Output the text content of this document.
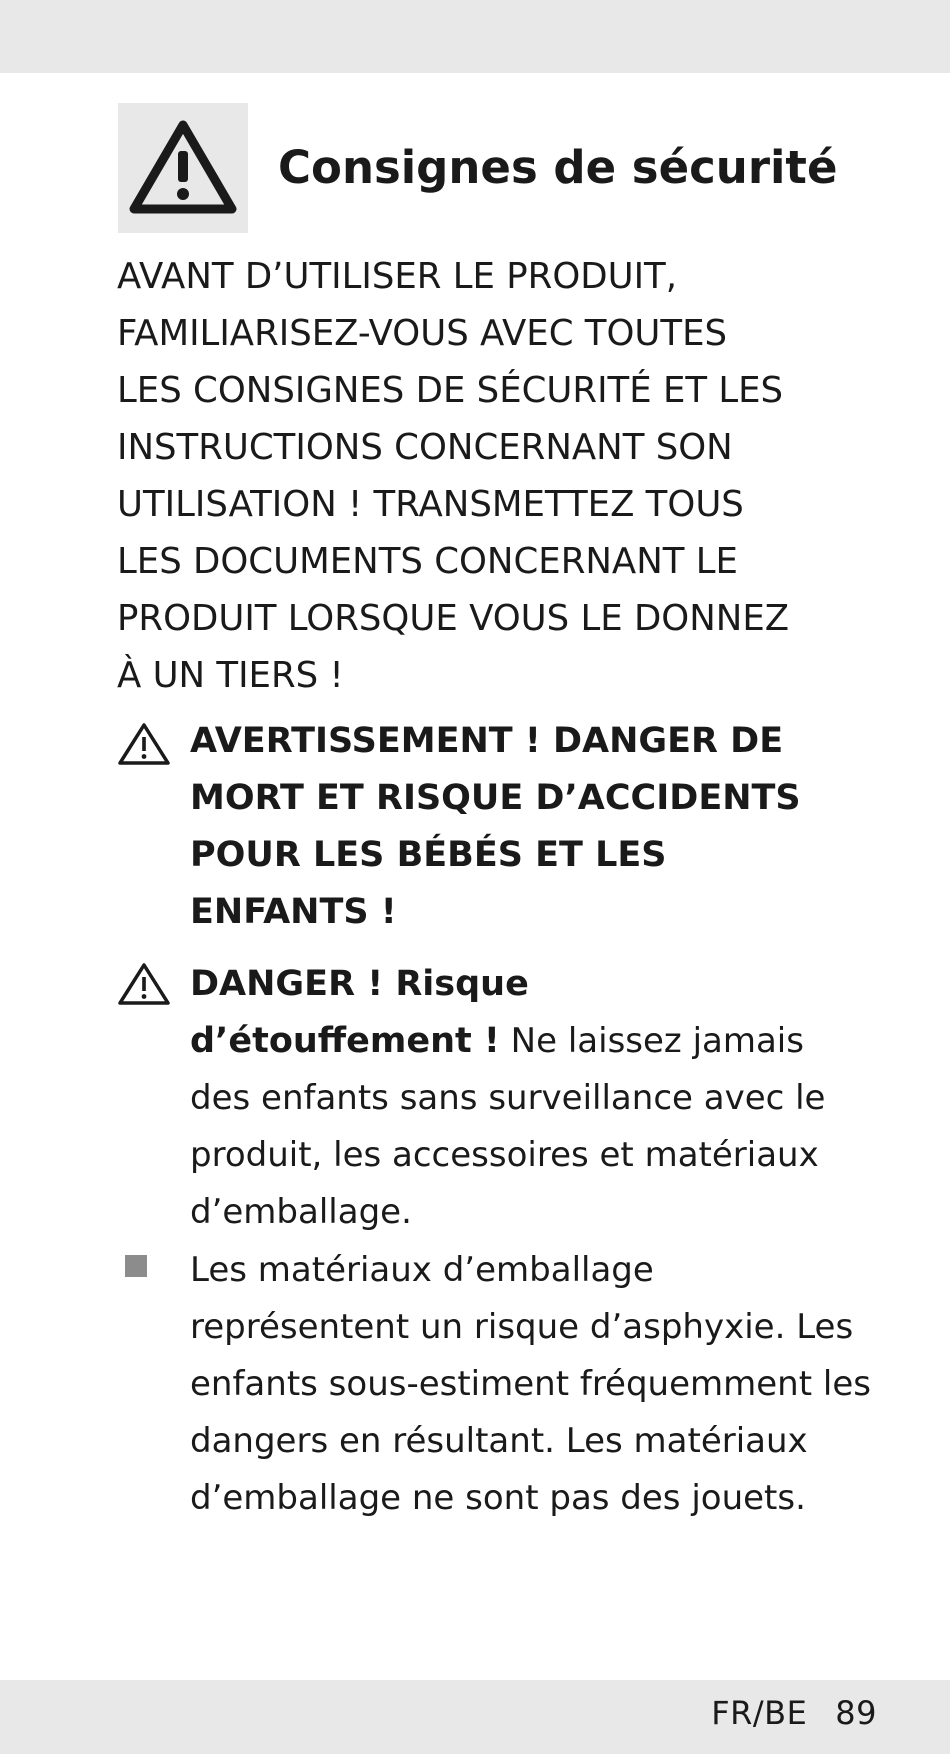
Consignes de sécurité
AVANT D’UTILISER LE PRODUIT,
FAMILIARISEZ-VOUS AVEC TOUTES
LES CONSIGNES DE SÉCURITÉ ET LES
INSTRUCTIONS CONCERNANT SON
UTILISATION ! TRANSMETTEZ TOUS
LES DOCUMENTS CONCERNANT LE
PRODUIT LORSQUE VOUS LE DONNEZ
À UN TIERS !
AVERTISSEMENT ! DANGER DE
MORT ET RISQUE D’ACCIDENTS
POUR LES BÉBÉS ET LES
ENFANTS !
DANGER ! Risque
d’étouffement ! Ne laissez jamais
des enfants sans surveillance avec le
produit, les accessoires et matériaux
d’emballage.
Les matériaux d’emballage
représentent un risque d’asphyxie. Les
enfants sous-estiment fréquemment les
dangers en résultant. Les matériaux
d’emballage ne sont pas des jouets.
FR/BE 89
